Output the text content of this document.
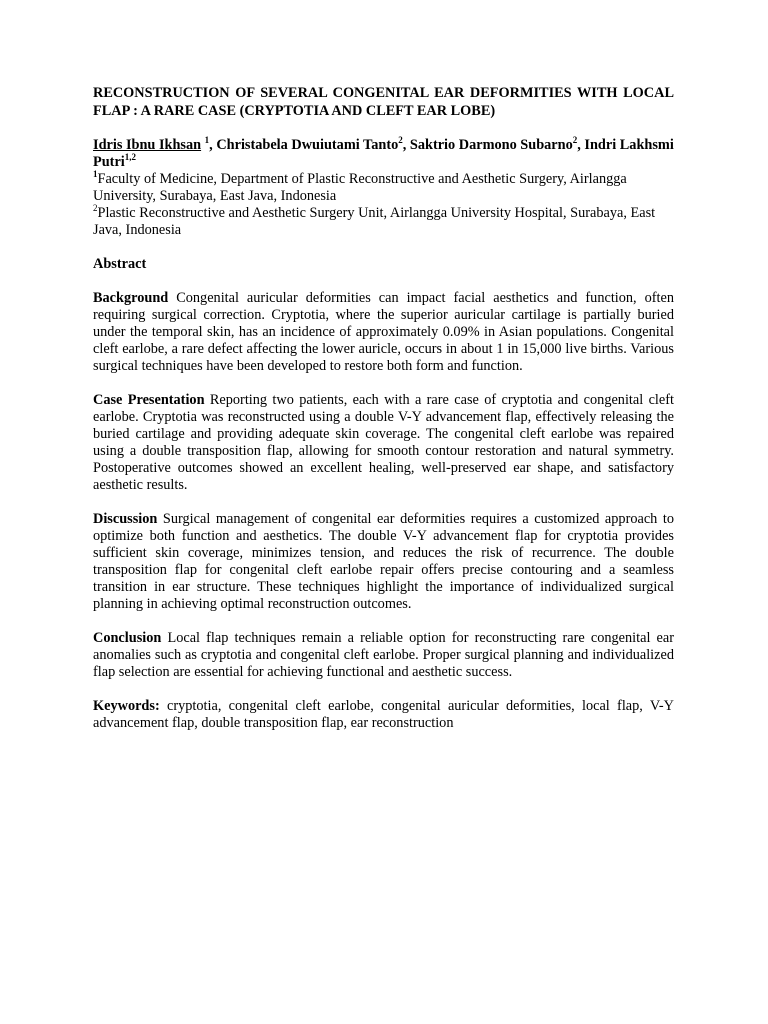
RECONSTRUCTION OF SEVERAL CONGENITAL EAR DEFORMITIES WITH LOCAL FLAP : A RARE CASE (CRYPTOTIA AND CLEFT EAR LOBE)

Idris Ibnu Ikhsan $^1$, Christabela Dwuiutami Tanto$^2$, Saktrio Darmono Subarno$^2$, Indri Lakhsmi Putri$^{1,2}$

$^1$Faculty of Medicine, Department of Plastic Reconstructive and Aesthetic Surgery, Airlangga University, Surabaya, East Java, Indonesia

$^2$Plastic Reconstructive and Aesthetic Surgery Unit, Airlangga University Hospital, Surabaya, East Java, Indonesia

Abstract

Background Congenital auricular deformities can impact facial aesthetics and function, often requiring surgical correction. Cryptotia, where the superior auricular cartilage is partially buried under the temporal skin, has an incidence of approximately 0.09% in Asian populations. Congenital cleft earlobe, a rare defect affecting the lower auricle, occurs in about 1 in 15,000 live births. Various surgical techniques have been developed to restore both form and function.

Case Presentation Reporting two patients, each with a rare case of cryptotia and congenital cleft earlobe. Cryptotia was reconstructed using a double V-Y advancement flap, effectively releasing the buried cartilage and providing adequate skin coverage. The congenital cleft earlobe was repaired using a double transposition flap, allowing for smooth contour restoration and natural symmetry. Postoperative outcomes showed an excellent healing, well-preserved ear shape, and satisfactory aesthetic results.

Discussion Surgical management of congenital ear deformities requires a customized approach to optimize both function and aesthetics. The double V-Y advancement flap for cryptotia provides sufficient skin coverage, minimizes tension, and reduces the risk of recurrence. The double transposition flap for congenital cleft earlobe repair offers precise contouring and a seamless transition in ear structure. These techniques highlight the importance of individualized surgical planning in achieving optimal reconstruction outcomes.

Conclusion Local flap techniques remain a reliable option for reconstructing rare congenital ear anomalies such as cryptotia and congenital cleft earlobe. Proper surgical planning and individualized flap selection are essential for achieving functional and aesthetic success.

Keywords: cryptotia, congenital cleft earlobe, congenital auricular deformities, local flap, V-Y advancement flap, double transposition flap, ear reconstruction
